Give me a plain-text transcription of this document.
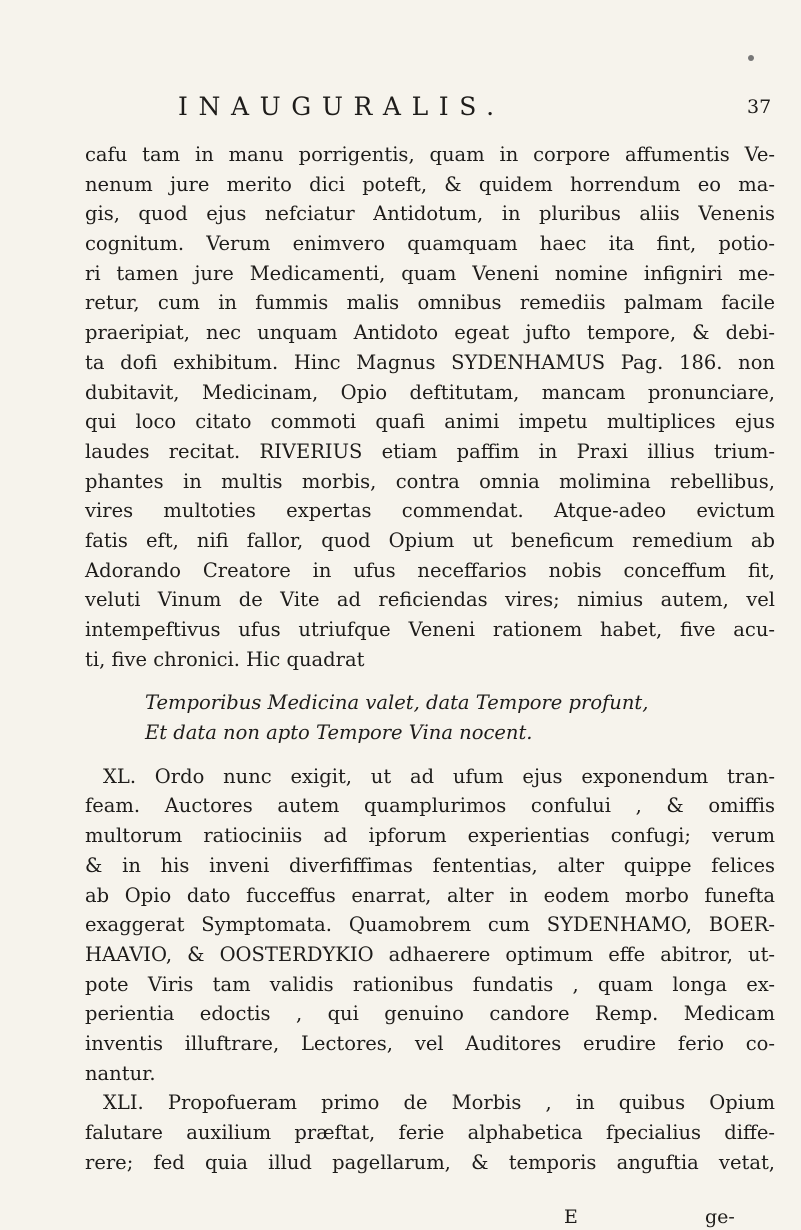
INAUGURALIS.	37
cafu tam in manu porrigentis, quam in corpore affumentis Ve-
nenum jure merito dici poteft, & quidem horrendum eo ma-
gis, quod ejus nefciatur Antidotum, in pluribus aliis Venenis
cognitum. Verum enimvero quamquam haec ita fint, potio-
ri tamen jure Medicamenti, quam Veneni nomine infigniri me-
retur, cum in fummis malis omnibus remediis palmam facile
praeripiat, nec unquam Antidoto egeat jufto tempore, & debi-
ta dofi exhibitum. Hinc Magnus SYDENHAMUS Pag. 186. non
dubitavit, Medicinam, Opio deftitutam, mancam pronunciare,
qui loco citato commoti quafi animi impetu multiplices ejus
laudes recitat. RIVERIUS etiam paffim in Praxi illius trium-
phantes in multis morbis, contra omnia molimina rebellibus,
vires multoties expertas commendat. Atque-adeo evictum
fatis eft, nifi fallor, quod Opium ut beneficum remedium ab
Adorando Creatore in ufus neceffarios nobis conceffum fit,
veluti Vinum de Vite ad reficiendas vires; nimius autem, vel
intempeftivus ufus utriufque Veneni rationem habet, five acu-
ti, five chronici. Hic quadrat
Temporibus Medicina valet, data Tempore profunt,
Et data non apto Tempore Vina nocent.
XL. Ordo nunc exigit, ut ad ufum ejus exponendum tran-
feam. Auctores autem quamplurimos confului , & omiffis
multorum ratiociniis ad ipforum experientias confugi; verum
& in his inveni diverfiffimas fententias, alter quippe felices
ab Opio dato fucceffus enarrat, alter in eodem morbo funefta
exaggerat Symptomata. Quamobrem cum SYDENHAMO, BOER-
HAAVIO, & OOSTERDYKIO adhaerere optimum effe abitror, ut-
pote Viris tam validis rationibus fundatis , quam longa ex-
perientia edoctis , qui genuino candore Remp. Medicam
inventis illuftrare, Lectores, vel Auditores erudire ferio co-
nantur.
XLI. Propofueram primo de Morbis , in quibus Opium
falutare auxilium præftat, ferie alphabetica fpecialius diffe-
rere; fed quia illud pagellarum, & temporis anguftia vetat,
E	ge-
